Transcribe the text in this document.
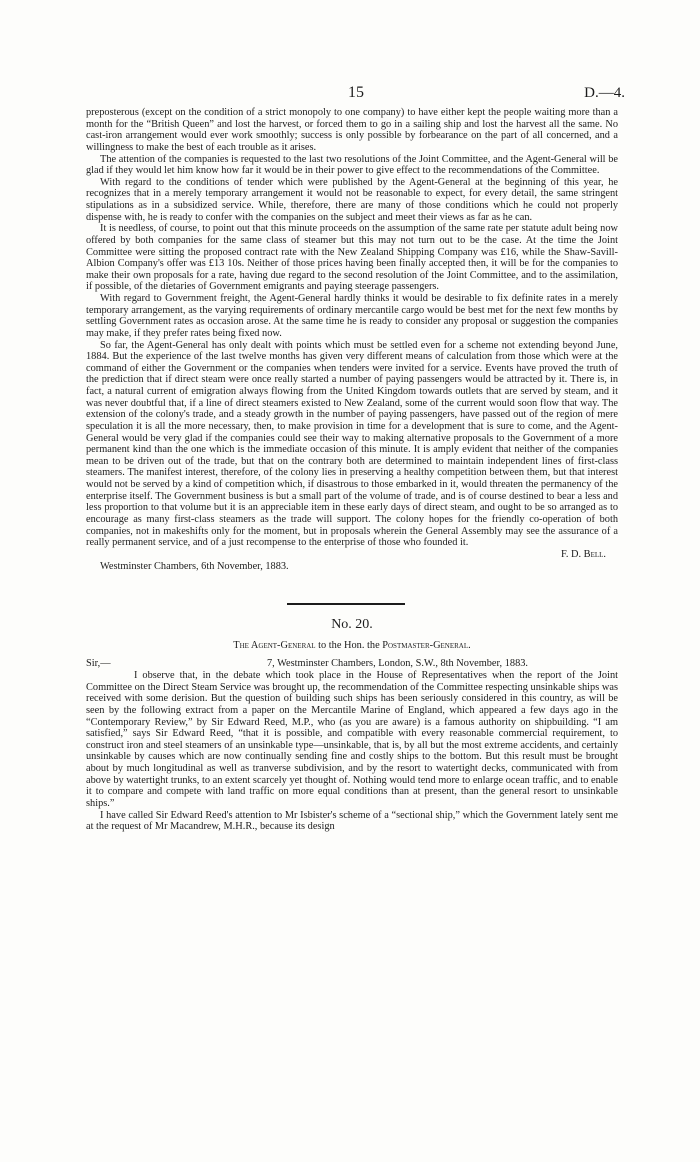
15	D.—4.

preposterous (except on the condition of a strict monopoly to one company) to have either kept the people waiting more than a month for the “British Queen” and lost the harvest, or forced them to go in a sailing ship and lost the harvest all the same. No cast-iron arrangement would ever work smoothly; success is only possible by forbearance on the part of all concerned, and a willingness to make the best of each trouble as it arises.

The attention of the companies is requested to the last two resolutions of the Joint Committee, and the Agent-General will be glad if they would let him know how far it would be in their power to give effect to the recommendations of the Committee.

With regard to the conditions of tender which were published by the Agent-General at the beginning of this year, he recognizes that in a merely temporary arrangement it would not be reasonable to expect, for every detail, the same stringent stipulations as in a subsidized service. While, therefore, there are many of those conditions which he could not properly dispense with, he is ready to confer with the companies on the subject and meet their views as far as he can.

It is needless, of course, to point out that this minute proceeds on the assumption of the same rate per statute adult being now offered by both companies for the same class of steamer but this may not turn out to be the case. At the time the Joint Committee were sitting the proposed contract rate with the New Zealand Shipping Company was £16, while the Shaw-Savill-Albion Company's offer was £13 10s. Neither of those prices having been finally accepted then, it will be for the companies to make their own proposals for a rate, having due regard to the second resolution of the Joint Committee, and to the assimilation, if possible, of the dietaries of Government emigrants and paying steerage passengers.

With regard to Government freight, the Agent-General hardly thinks it would be desirable to fix definite rates in a merely temporary arrangement, as the varying requirements of ordinary mercantile cargo would be best met for the next few months by settling Government rates as occasion arose. At the same time he is ready to consider any proposal or suggestion the companies may make, if they prefer rates being fixed now.

So far, the Agent-General has only dealt with points which must be settled even for a scheme not extending beyond June, 1884. But the experience of the last twelve months has given very different means of calculation from those which were at the command of either the Government or the companies when tenders were invited for a service. Events have proved the truth of the prediction that if direct steam were once really started a number of paying passengers would be attracted by it. There is, in fact, a natural current of emigration always flowing from the United Kingdom towards outlets that are served by steam, and it was never doubtful that, if a line of direct steamers existed to New Zealand, some of the current would soon flow that way. The extension of the colony's trade, and a steady growth in the number of paying passengers, have passed out of the region of mere speculation it is all the more necessary, then, to make provision in time for a development that is sure to come, and the Agent-General would be very glad if the companies could see their way to making alternative proposals to the Government of a more permanent kind than the one which is the immediate occasion of this minute. It is amply evident that neither of the companies mean to be driven out of the trade, but that on the contrary both are determined to maintain independent lines of first-class steamers. The manifest interest, therefore, of the colony lies in preserving a healthy competition between them, but that interest would not be served by a kind of competition which, if disastrous to those embarked in it, would threaten the permanency of the enterprise itself. The Government business is but a small part of the volume of trade, and is of course destined to bear a less and less proportion to that volume but it is an appreciable item in these early days of direct steam, and ought to be so arranged as to encourage as many first-class steamers as the trade will support. The colony hopes for the friendly co-operation of both companies, not in makeshifts only for the moment, but in proposals wherein the General Assembly may see the assurance of a really permanent service, and of a just recompense to the enterprise of those who founded it.

F. D. Bell.

Westminster Chambers, 6th November, 1883.

No. 20.
The Agent-General to the Hon. the Postmaster-General.
Sir,—	7, Westminster Chambers, London, S.W., 8th November, 1883.

I observe that, in the debate which took place in the House of Representatives when the report of the Joint Committee on the Direct Steam Service was brought up, the recommendation of the Committee respecting unsinkable ships was received with some derision. But the question of building such ships has been seriously considered in this country, as will be seen by the following extract from a paper on the Mercantile Marine of England, which appeared a few days ago in the “Contemporary Review,” by Sir Edward Reed, M.P., who (as you are aware) is a famous authority on shipbuilding. “I am satisfied,” says Sir Edward Reed, “that it is possible, and compatible with every reasonable commercial requirement, to construct iron and steel steamers of an unsinkable type—unsinkable, that is, by all but the most extreme accidents, and certainly unsinkable by causes which are now continually sending fine and costly ships to the bottom. But this result must be brought about by much longitudinal as well as tranverse subdivision, and by the resort to watertight decks, communicated with from above by watertight trunks, to an extent scarcely yet thought of. Nothing would tend more to enlarge ocean traffic, and to enable it to compare and compete with land traffic on more equal conditions than at present, than the general resort to unsinkable ships.”

I have called Sir Edward Reed's attention to Mr Isbister's scheme of a “sectional ship,” which the Government lately sent me at the request of Mr Macandrew, M.H.R., because its design
